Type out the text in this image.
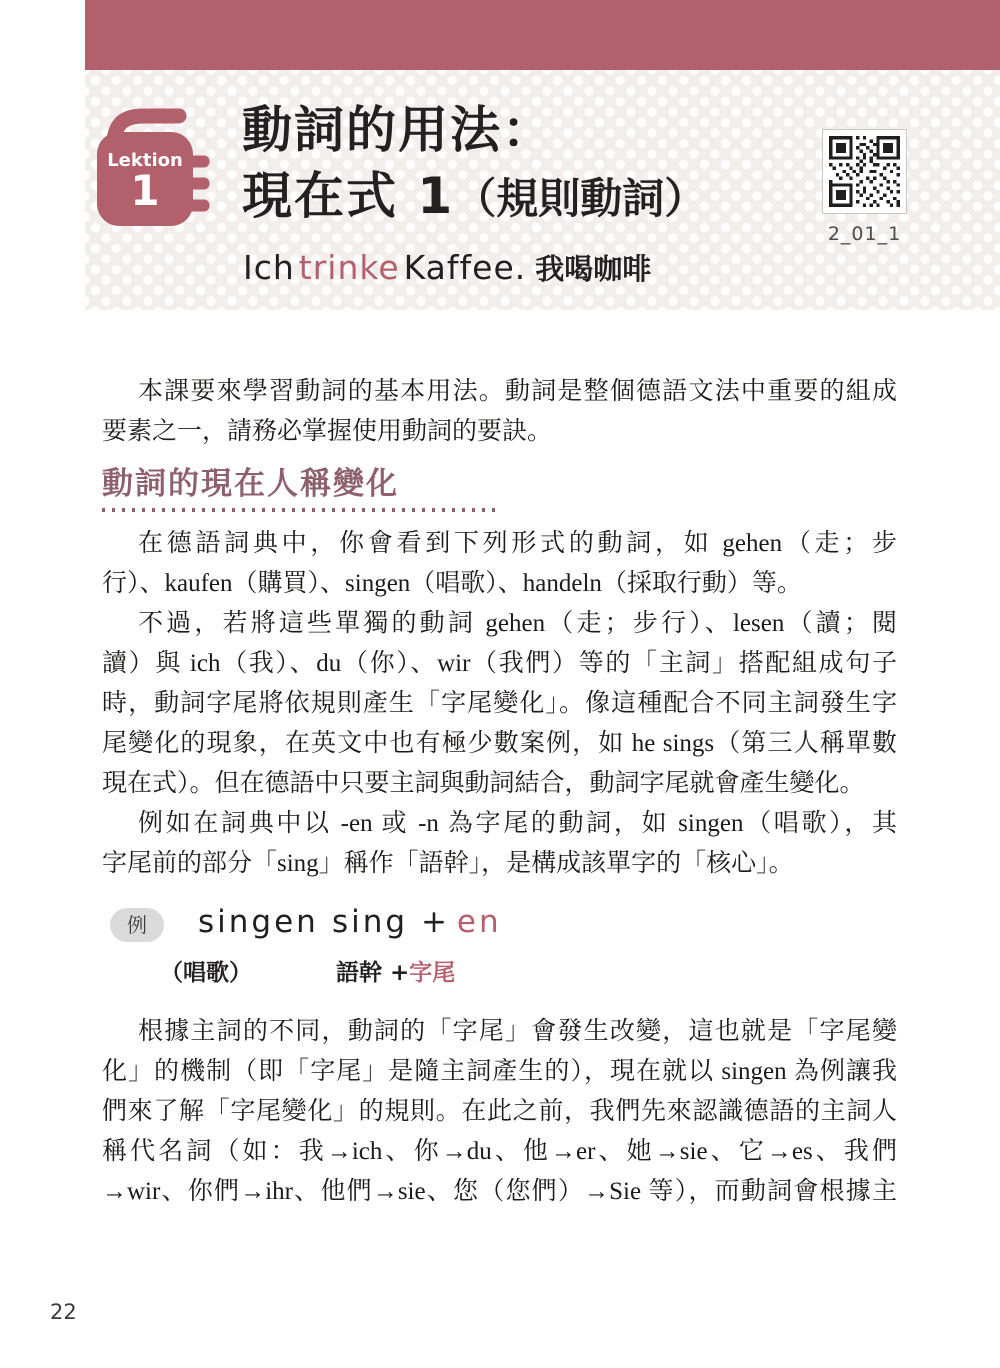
Lektion
1
動詞的用法：
現在式 1（規則動詞）
Ich trinke Kaffee. 我喝咖啡
2_01_1
本課要來學習動詞的基本用法。動詞是整個德語文法中重要的組成
要素之一，請務必掌握使用動詞的要訣。
動詞的現在人稱變化
在德語詞典中，你會看到下列形式的動詞，如 gehen（走；步
行）、kaufen（購買）、singen（唱歌）、handeln（採取行動）等。
不過，若將這些單獨的動詞 gehen（走；步行）、lesen（讀；閱
讀）與 ich（我）、du（你）、wir（我們）等的「主詞」搭配組成句子
時，動詞字尾將依規則產生「字尾變化」。像這種配合不同主詞發生字
尾變化的現象，在英文中也有極少數案例，如 he sings（第三人稱單數
現在式）。但在德語中只要主詞與動詞結合，動詞字尾就會產生變化。
例如在詞典中以 -en 或 -n 為字尾的動詞，如 singen（唱歌），其
字尾前的部分「sing」稱作「語幹」，是構成該單字的「核心」。
例	singen sing + en
（唱歌）	語幹 +字尾
根據主詞的不同，動詞的「字尾」會發生改變，這也就是「字尾變
化」的機制（即「字尾」是隨主詞產生的），現在就以 singen 為例讓我
們來了解「字尾變化」的規則。在此之前，我們先來認識德語的主詞人
稱代名詞（如：我→ich、你→du、他→er、她→sie、它→es、我們
→wir、你們→ihr、他們→sie、您（您們）→Sie 等），而動詞會根據主
22
